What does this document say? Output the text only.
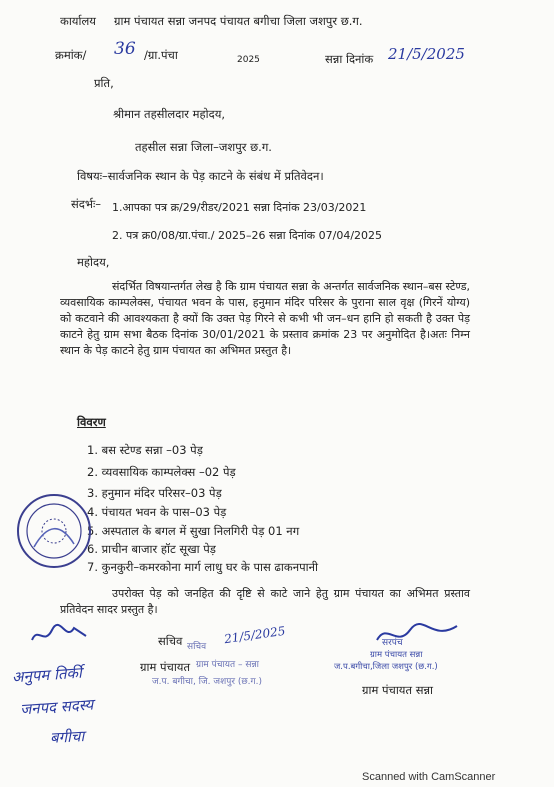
कार्यालय ग्राम पंचायत सन्ना जनपद पंचायत बगीचा जिला जशपुर छ.ग.
क्रमांक/ 36 /ग्रा.पंचा	2025	सन्ना दिनांक 21/5/2025
प्रति,
श्रीमान तहसीलदार महोदय,
तहसील सन्ना जिला–जशपुर छ.ग.
विषयः–सार्वजनिक स्थान के पेड़ काटने के संबंध में प्रतिवेदन।
संदर्भः– 1.आपका पत्र क्र/29/रीडर/2021 सन्ना दिनांक 23/03/2021
2. पत्र क्र0/08/ग्रा.पंचा./ 2025–26 सन्ना दिनांक 07/04/2025
महोदय,
संदर्भित विषयान्तर्गत लेख है कि ग्राम पंचायत सन्ना के अन्तर्गत सार्वजनिक स्थान–बस स्टेण्ड, व्यवसायिक काम्पलेक्स, पंचायत भवन के पास, हनुमान मंदिर परिसर के पुराना साल वृक्ष (गिरनें योग्य) को कटवाने की आवश्यकता है क्यों कि उक्त पेड़ गिरने से कभी भी जन–धन हानि हो सकती है उक्त पेड़ काटने हेतु ग्राम सभा बैठक दिनांक 30/01/2021 के प्रस्ताव क्रमांक 23 पर अनुमोदित है।अतः निम्न स्थान के पेड़ काटने हेतु ग्राम पंचायत का अभिमत प्रस्तुत है।
विवरण
1. बस स्टेण्ड सन्ना –03 पेड़
2. व्यवसायिक काम्पलेक्स –02 पेड़
3. हनुमान मंदिर परिसर–03 पेड़
4. पंचायत भवन के पास–03 पेड़
5. अस्पताल के बगल में सुखा निलगिरी पेड़ 01 नग
6. प्राचीन बाजार हॉट सूखा पेड़
7. कुनकुरी–कमरकोना मार्ग लाधु घर के पास ढाकनपानी
उपरोक्त पेड़ को जनहित की दृष्टि से काटे जाने हेतु ग्राम पंचायत का अभिमत प्रस्ताव प्रतिवेदन सादर प्रस्तुत है।
सचिव	21/5/2025
सचिव
ग्राम पंचायत ग्राम पंचायत – सन्ना
ज.प. बगीचा, जि. जशपुर (छ.ग.)
सरपंच
ग्राम पंचायत सन्ना
ज.प.बगीचा,जिला जशपुर (छ.ग.)
ग्राम पंचायत सन्ना
अनुपम तिर्की
जनपद सदस्य
बगीचा
Scanned with CamScanner
